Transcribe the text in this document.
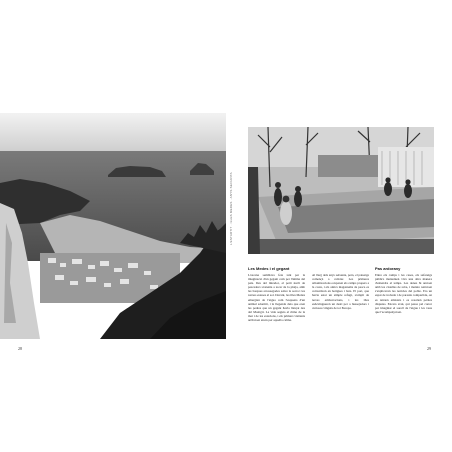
L'ESTARTIT · ILLES MEDES · ANYS SEIXANTA
28
Les Medes i el gegant

L'escena semblava feta tant per la imaginació d'un gegant com per l'ànima del país. Des del mirador, el petit nucli de pescadors s'estenia a tocar de la platja, amb les barques arrossegades sobre la sorra i les xarxes esteses al sol. Davant, les illes Medes emergien de l'aigua com l'esquena d'un animal adormit, i la llegenda deia que eren les pedres que un gegant havia llançat des del Montgrí. La vida seguia el ritme de la mar i de les estacions, i els primers visitants arribaven atrets per aquella calma.

Al llarg dels anys seixanta, però, el paisatge començà a canviar. Les primeres urbanitzacions ocuparen els camps propers a la costa, i els antics magatzems de pesca es convertiren en botigues i bars. El port, que havia estat un simple refugi, s'omplí de noves embarcacions, i les illes esdevingueren un destí per a bussejadors i curiosos vinguts de tot Europa.

Pas ardorany

Entre els camps i les cases, els safareigs públics mantenien viva una altra manera d'entendre el temps. Les dones hi anaven amb les cistelles de roba, i mentre rentaven s'explicaven les notícies del poble. Era un espai de trobada i de paraula compartida, on es teixien amistats i es resolien petites disputes. Encara avui, qui passa pel carrer pot imaginar el soroll de l'aigua i les veus que l'acompanyaven.

29
